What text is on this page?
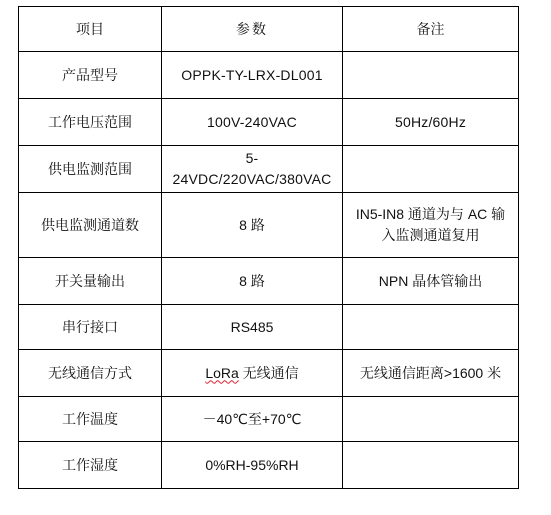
项目	参数	备注
产品型号	OPPK-TY-LRX-DL001	
工作电压范围	100V-240VAC	50Hz/60Hz
供电监测范围	5-24VDC/220VAC/380VAC	
供电监测通道数	8 路	IN5-IN8 通道为与 AC 输入监测通道复用
开关量输出	8 路	NPN 晶体管输出
串行接口	RS485	
无线通信方式	LoRa 无线通信	无线通信距离>1600 米
工作温度	－40℃至+70℃	
工作湿度	0%RH-95%RH	
